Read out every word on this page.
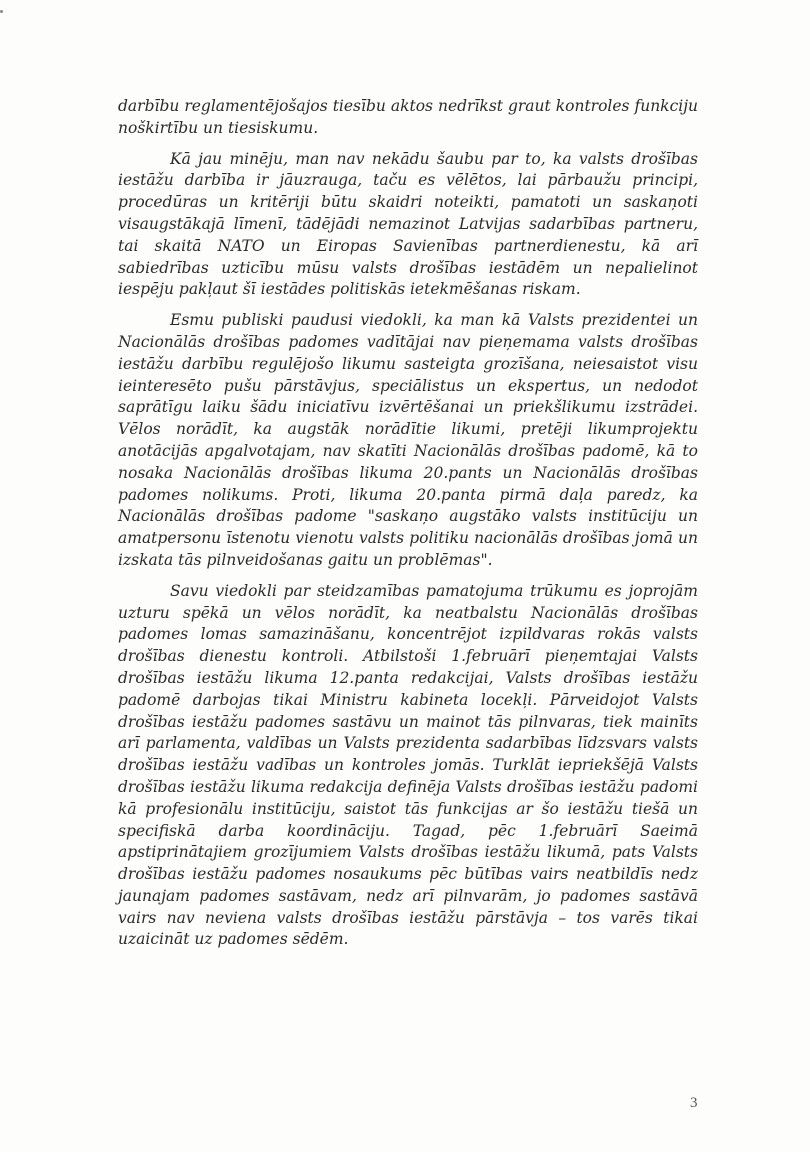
darbību reglamentējošajos tiesību aktos nedrīkst graut kontroles funkciju noškirtību un tiesiskumu.

Kā jau minēju, man nav nekādu šaubu par to, ka valsts drošības iestāžu darbība ir jāuzrauga, taču es vēlētos, lai pārbaužu principi, procedūras un kritēriji būtu skaidri noteikti, pamatoti un saskaņoti visaugstākajā līmenī, tādējādi nemazinot Latvijas sadarbības partneru, tai skaitā NATO un Eiropas Savienības partnerdienestu, kā arī sabiedrības uzticību mūsu valsts drošības iestādēm un nepalielinot iespēju pakļaut šī iestādes politiskās ietekmēšanas riskam.

Esmu publiski paudusi viedokli, ka man kā Valsts prezidentei un Nacionālās drošības padomes vadītājai nav pieņemama valsts drošības iestāžu darbību regulējošo likumu sasteigta grozīšana, neiesaistot visu ieinteresēto pušu pārstāvjus, speciālistus un ekspertus, un nedodot saprātīgu laiku šādu iniciatīvu izvērtēšanai un priekšlikumu izstrādei. Vēlos norādīt, ka augstāk norādītie likumi, pretēji likumprojektu anotācijās apgalvotajam, nav skatīti Nacionālās drošības padomē, kā to nosaka Nacionālās drošības likuma 20.pants un Nacionālās drošības padomes nolikums. Proti, likuma 20.panta pirmā daļa paredz, ka Nacionālās drošības padome "saskaņo augstāko valsts institūciju un amatpersonu īstenotu vienotu valsts politiku nacionālās drošības jomā un izskata tās pilnveidošanas gaitu un problēmas".

Savu viedokli par steidzamības pamatojuma trūkumu es joprojām uzturu spēkā un vēlos norādīt, ka neatbalstu Nacionālās drošības padomes lomas samazināšanu, koncentrējot izpildvaras rokās valsts drošības dienestu kontroli. Atbilstoši 1.februārī pieņemtajai Valsts drošības iestāžu likuma 12.panta redakcijai, Valsts drošības iestāžu padomē darbojas tikai Ministru kabineta locekļi. Pārveidojot Valsts drošības iestāžu padomes sastāvu un mainot tās pilnvaras, tiek mainīts arī parlamenta, valdības un Valsts prezidenta sadarbības līdzsvars valsts drošības iestāžu vadības un kontroles jomās. Turklāt iepriekšējā Valsts drošības iestāžu likuma redakcija definēja Valsts drošības iestāžu padomi kā profesionālu institūciju, saistot tās funkcijas ar šo iestāžu tiešā un specifiskā darba koordināciju. Tagad, pēc 1.februārī Saeimā apstiprinātajiem grozījumiem Valsts drošības iestāžu likumā, pats Valsts drošības iestāžu padomes nosaukums pēc būtības vairs neatbildīs nedz jaunajam padomes sastāvam, nedz arī pilnvarām, jo padomes sastāvā vairs nav neviena valsts drošības iestāžu pārstāvja – tos varēs tikai uzaicināt uz padomes sēdēm.

3
